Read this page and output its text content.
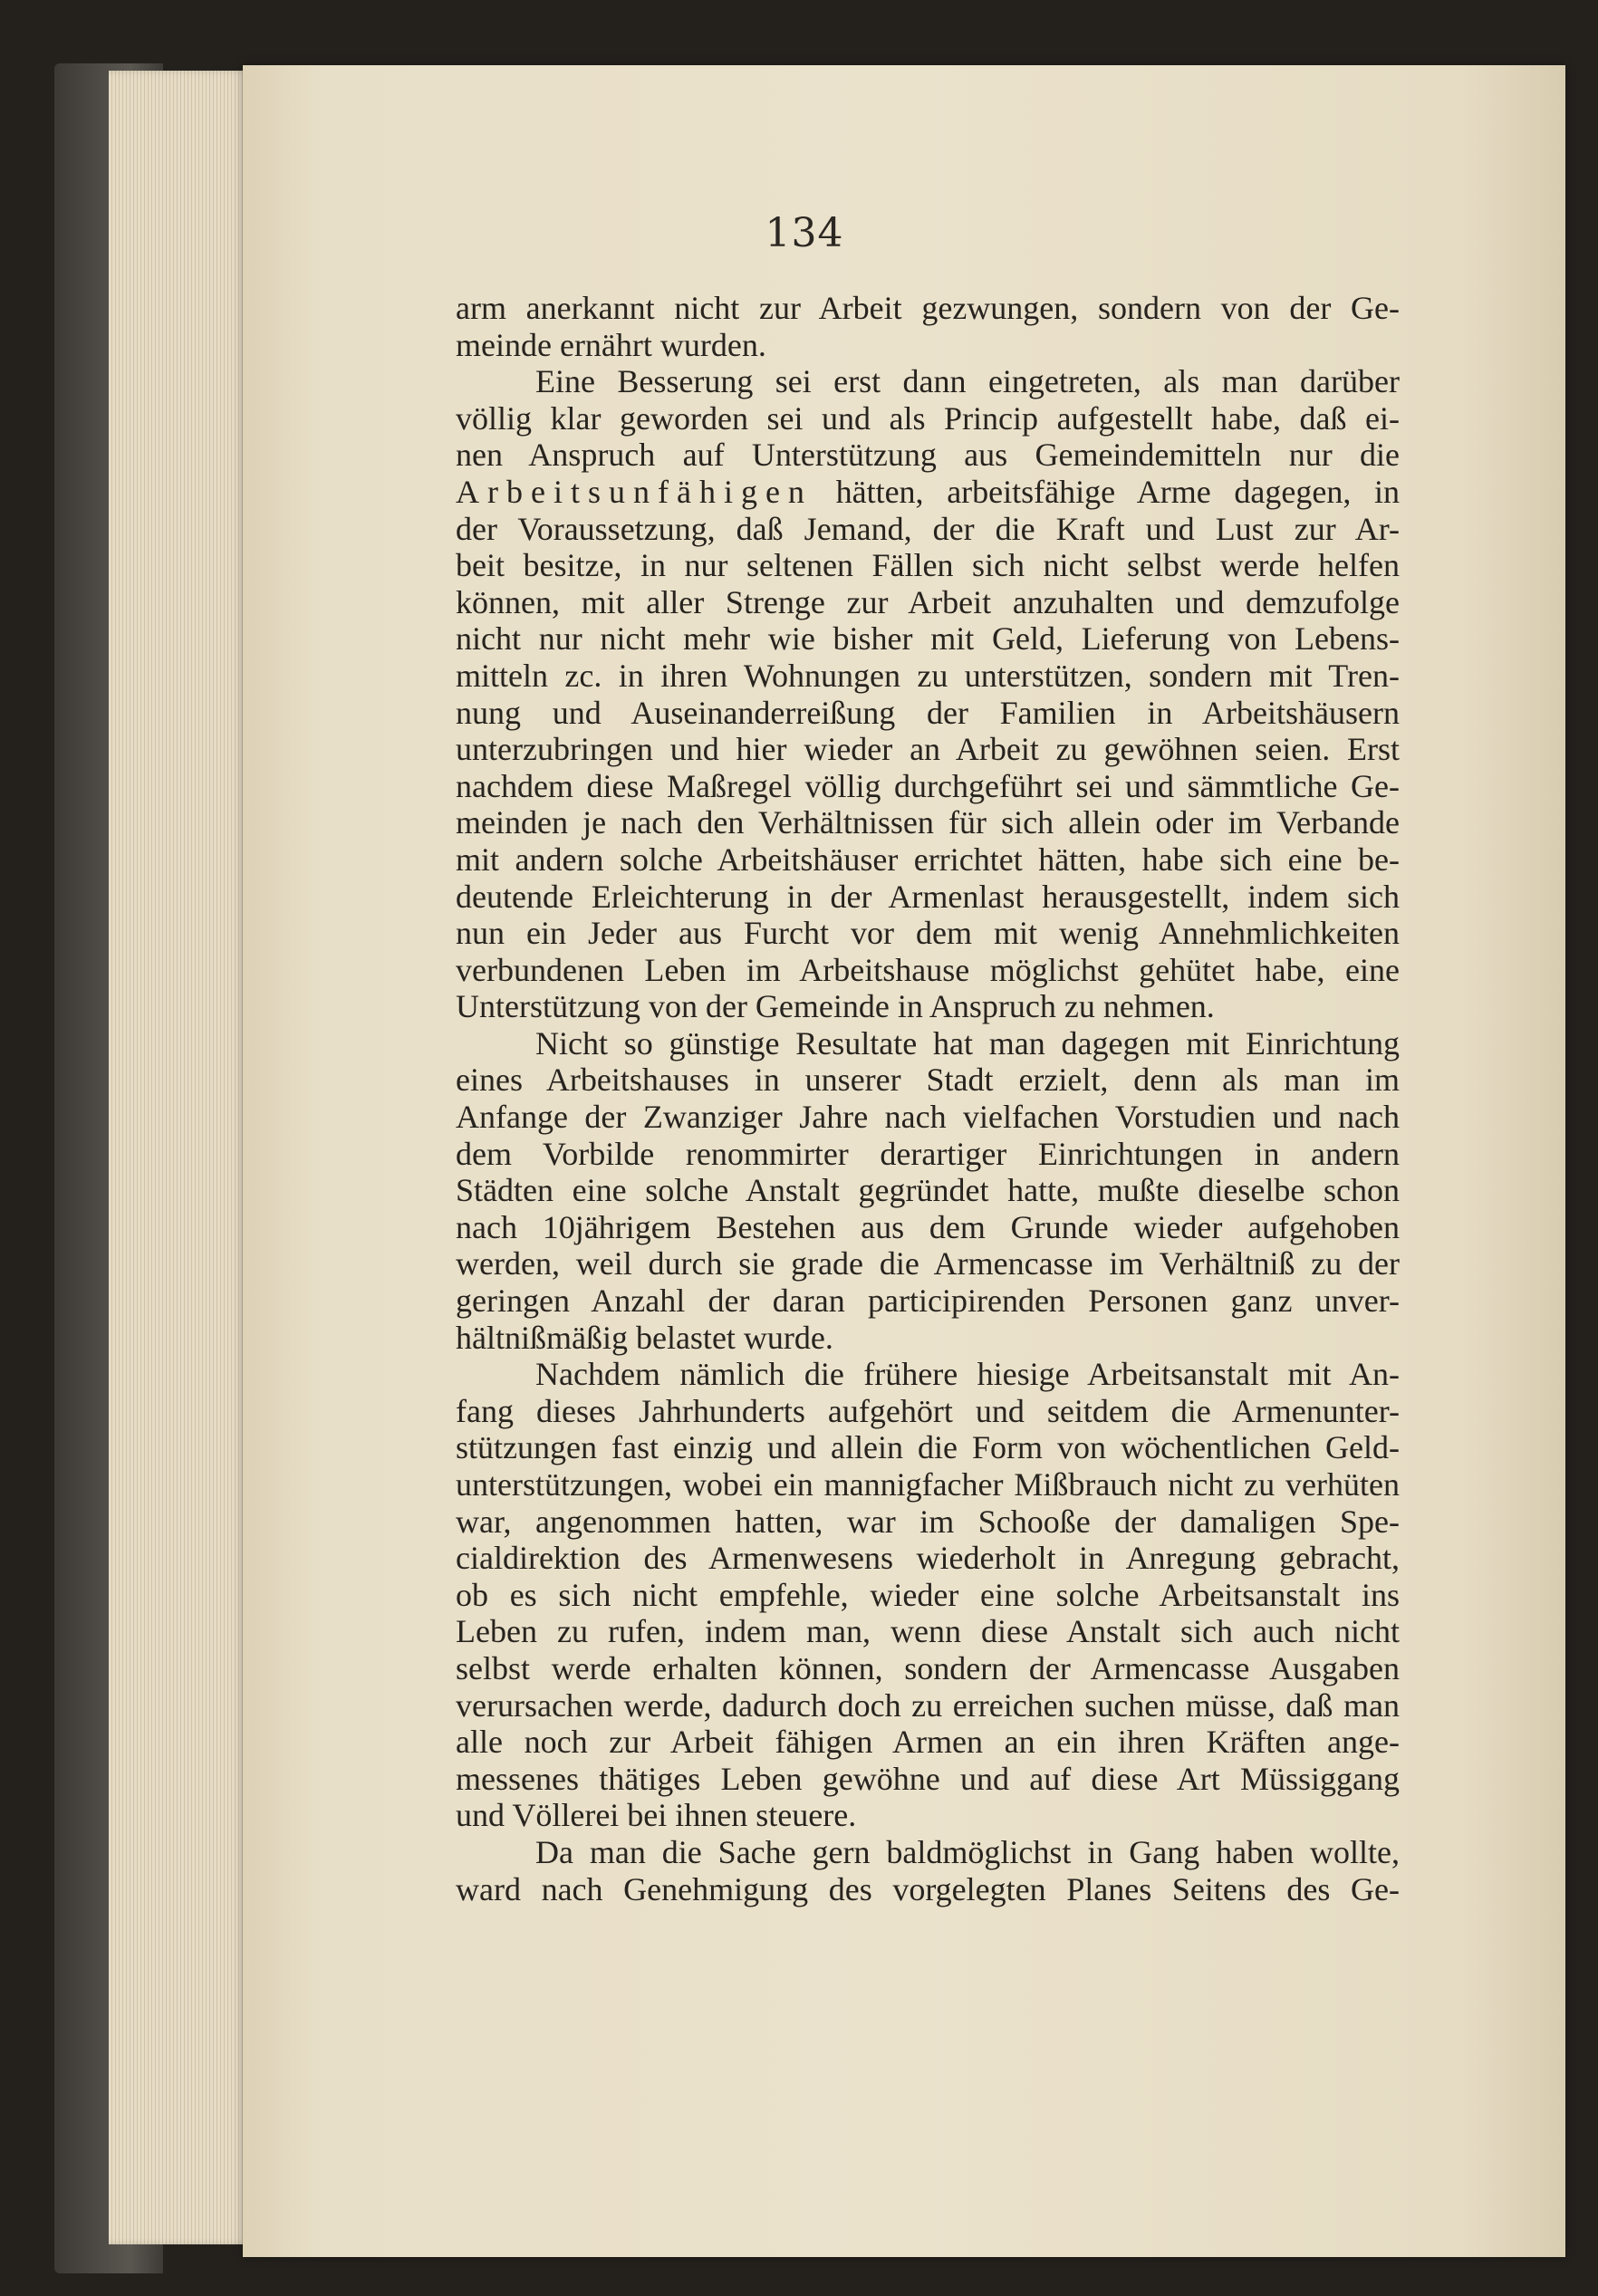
134
arm anerkannt nicht zur Arbeit gezwungen, sondern von der Ge-
meinde ernährt wurden.
Eine Besserung sei erst dann eingetreten, als man darüber
völlig klar geworden sei und als Princip aufgestellt habe, daß ei-
nen Anspruch auf Unterstützung aus Gemeindemitteln nur die
Arbeitsunfähigen hätten, arbeitsfähige Arme dagegen, in
der Voraussetzung, daß Jemand, der die Kraft und Lust zur Ar-
beit besitze, in nur seltenen Fällen sich nicht selbst werde helfen
können, mit aller Strenge zur Arbeit anzuhalten und demzufolge
nicht nur nicht mehr wie bisher mit Geld, Lieferung von Lebens-
mitteln zc. in ihren Wohnungen zu unterstützen, sondern mit Tren-
nung und Auseinanderreißung der Familien in Arbeitshäusern
unterzubringen und hier wieder an Arbeit zu gewöhnen seien. Erst
nachdem diese Maßregel völlig durchgeführt sei und sämmtliche Ge-
meinden je nach den Verhältnissen für sich allein oder im Verbande
mit andern solche Arbeitshäuser errichtet hätten, habe sich eine be-
deutende Erleichterung in der Armenlast herausgestellt, indem sich
nun ein Jeder aus Furcht vor dem mit wenig Annehmlichkeiten
verbundenen Leben im Arbeitshause möglichst gehütet habe, eine
Unterstützung von der Gemeinde in Anspruch zu nehmen.
Nicht so günstige Resultate hat man dagegen mit Einrichtung
eines Arbeitshauses in unserer Stadt erzielt, denn als man im
Anfange der Zwanziger Jahre nach vielfachen Vorstudien und nach
dem Vorbilde renommirter derartiger Einrichtungen in andern
Städten eine solche Anstalt gegründet hatte, mußte dieselbe schon
nach 10jährigem Bestehen aus dem Grunde wieder aufgehoben
werden, weil durch sie grade die Armencasse im Verhältniß zu der
geringen Anzahl der daran participirenden Personen ganz unver-
hältnißmäßig belastet wurde.
Nachdem nämlich die frühere hiesige Arbeitsanstalt mit An-
fang dieses Jahrhunderts aufgehört und seitdem die Armenunter-
stützungen fast einzig und allein die Form von wöchentlichen Geld-
unterstützungen, wobei ein mannigfacher Mißbrauch nicht zu verhüten
war, angenommen hatten, war im Schooße der damaligen Spe-
cialdirektion des Armenwesens wiederholt in Anregung gebracht,
ob es sich nicht empfehle, wieder eine solche Arbeitsanstalt ins
Leben zu rufen, indem man, wenn diese Anstalt sich auch nicht
selbst werde erhalten können, sondern der Armencasse Ausgaben
verursachen werde, dadurch doch zu erreichen suchen müsse, daß man
alle noch zur Arbeit fähigen Armen an ein ihren Kräften ange-
messenes thätiges Leben gewöhne und auf diese Art Müssiggang
und Völlerei bei ihnen steuere.
Da man die Sache gern baldmöglichst in Gang haben wollte,
ward nach Genehmigung des vorgelegten Planes Seitens des Ge-
